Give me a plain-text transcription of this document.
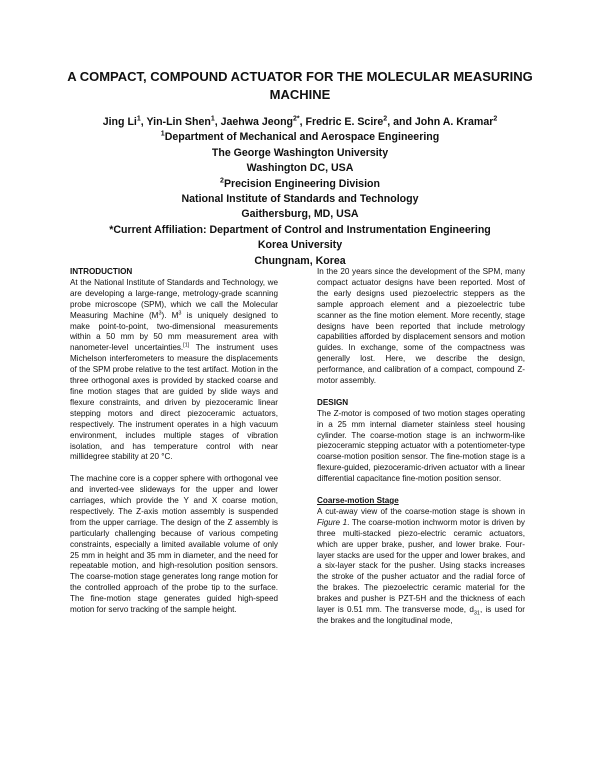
A COMPACT, COMPOUND ACTUATOR FOR THE MOLECULAR MEASURING MACHINE
Jing Li$^1$, Yin-Lin Shen$^1$, Jaehwa Jeong$^{2*}$, Fredric E. Scire$^2$, and John A. Kramar$^2$
$^1$Department of Mechanical and Aerospace Engineering
The George Washington University
Washington DC, USA
$^2$Precision Engineering Division
National Institute of Standards and Technology
Gaithersburg, MD, USA
*Current Affiliation: Department of Control and Instrumentation Engineering
Korea University
Chungnam, Korea
INTRODUCTION

At the National Institute of Standards and Technology, we are developing a large-range, metrology-grade scanning probe microscope (SPM), which we call the Molecular Measuring Machine $(M^3)$. $M^3$ is uniquely designed to make point-to-point, two-dimensional measurements within a 50 mm by 50 mm measurement area with nanometer-level uncertainties.[1] The instrument uses Michelson interferometers to measure the displacements of the SPM probe relative to the test artifact. Motion in the three orthogonal axes is provided by stacked coarse and fine motion stages that are guided by slide ways and flexure constraints, and driven by piezoceramic linear stepping motors and direct piezoceramic actuators, respectively. The instrument operates in a high vacuum environment, includes multiple stages of vibration isolation, and has temperature control with near millidegree stability at 20 °C.

The machine core is a copper sphere with orthogonal vee and inverted-vee slideways for the upper and lower carriages, which provide the Y and X coarse motion, respectively. The Z-axis motion assembly is suspended from the upper carriage. The design of the Z assembly is particularly challenging because of various competing constraints, especially a limited available volume of only 25 mm in height and 35 mm in diameter, and the need for repeatable motion, and high-resolution position sensors. The coarse-motion stage generates long range motion for the controlled approach of the probe tip to the surface. The fine-motion stage generates guided high-speed motion for servo tracking of the sample height.

In the 20 years since the development of the SPM, many compact actuator designs have been reported. Most of the early designs used piezoelectric steppers as the sample approach element and a piezoelectric tube scanner as the fine motion element. More recently, stage designs have been reported that include metrology capabilities afforded by displacement sensors and motion guides. In exchange, some of the compactness was generally lost. Here, we describe the design, performance, and calibration of a compact, compound Z-motor assembly.

DESIGN

The Z-motor is composed of two motion stages operating in a 25 mm internal diameter stainless steel housing cylinder. The coarse-motion stage is an inchworm-like piezoceramic stepping actuator with a potentiometer-type coarse-motion position sensor. The fine-motion stage is a flexure-guided, piezoceramic-driven actuator with a linear differential capacitance fine-motion position sensor.

Coarse-motion Stage

A cut-away view of the coarse-motion stage is shown in Figure 1. The coarse-motion inchworm motor is driven by three multi-stacked piezo-electric ceramic actuators, which are upper brake, pusher, and lower brake. Four-layer stacks are used for the upper and lower brakes, and a six-layer stack for the pusher. Using stacks increases the stroke of the pusher actuator and the radial force of the brakes. The piezoelectric ceramic material for the brakes and pusher is PZT-5H and the thickness of each layer is 0.51 mm. The transverse mode, $d_{31}$, is used for the brakes and the longitudinal mode,
